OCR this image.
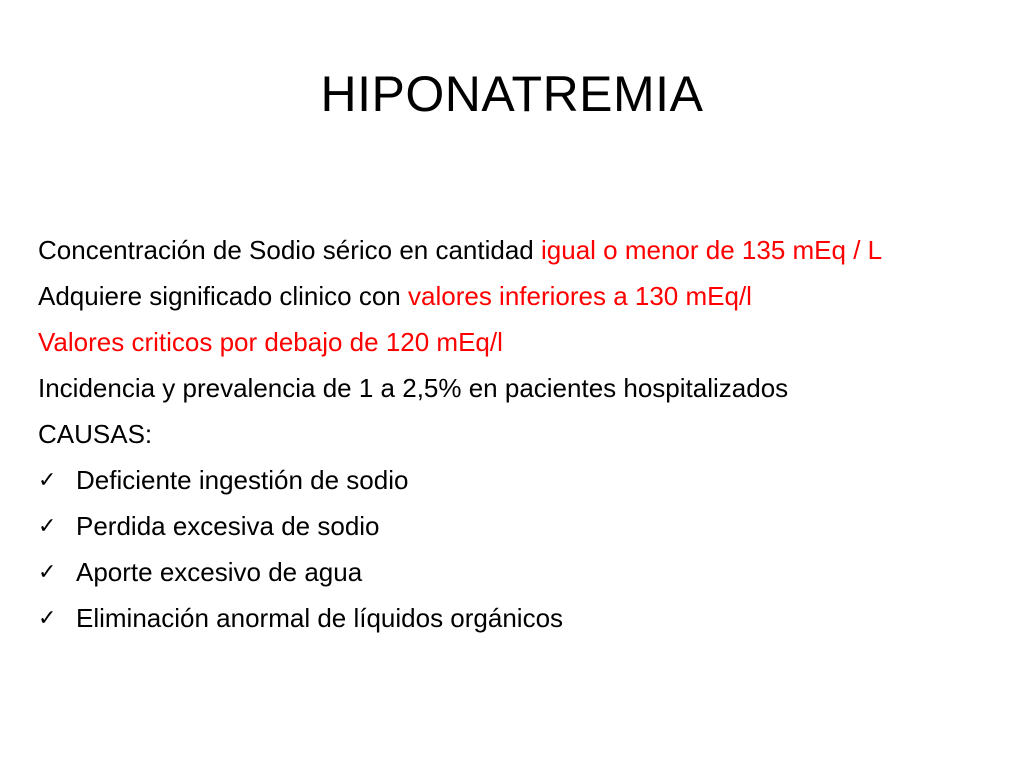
HIPONATREMIA
Concentración de Sodio sérico en cantidad igual o menor de 135 mEq / L
Adquiere significado clinico con valores inferiores a 130 mEq/l
Valores criticos por debajo de 120 mEq/l
Incidencia y prevalencia de 1 a 2,5% en pacientes hospitalizados
CAUSAS:
✓ Deficiente ingestión de sodio
✓ Perdida excesiva de sodio
✓ Aporte excesivo de agua
✓ Eliminación anormal de líquidos orgánicos
